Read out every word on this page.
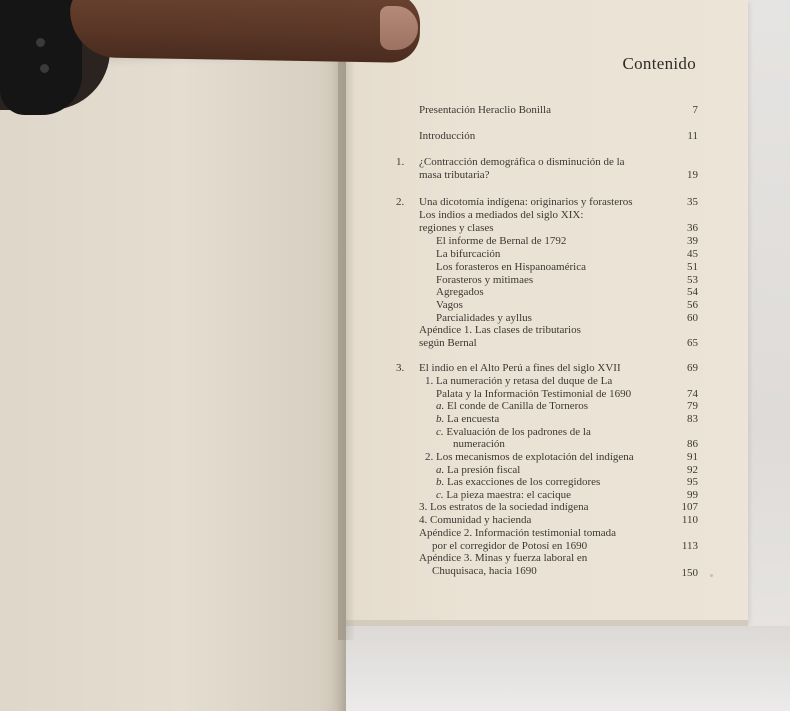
Contenido
Presentación Heraclio Bonilla	7
Introducción	11
1. ¿Contracción demográfica o disminución de la
masa tributaria?	19
2. Una dicotomía indígena: originarios y forasteros	35
Los indios a mediados del siglo XIX:
regiones y clases	36
El informe de Bernal de 1792	39
La bifurcación	45
Los forasteros en Hispanoamérica	51
Forasteros y mitimaes	53
Agregados	54
Vagos	56
Parcialidades y ayllus	60
Apéndice 1. Las clases de tributarios
según Bernal	65
3. El indio en el Alto Perú a fines del siglo XVII	69
1. La numeración y retasa del duque de La
Palata y la Información Testimonial de 1690	74
a. El conde de Canilla de Torneros	79
b. La encuesta	83
c. Evaluación de los padrones de la
numeración	86
2. Los mecanismos de explotación del indígena	91
a. La presión fiscal	92
b. Las exacciones de los corregidores	95
c. La pieza maestra: el cacique	99
3. Los estratos de la sociedad indígena	107
4. Comunidad y hacienda	110
Apéndice 2. Información testimonial tomada
por el corregidor de Potosí en 1690	113
Apéndice 3. Minas y fuerza laboral en
Chuquisaca, hacia 1690	150
